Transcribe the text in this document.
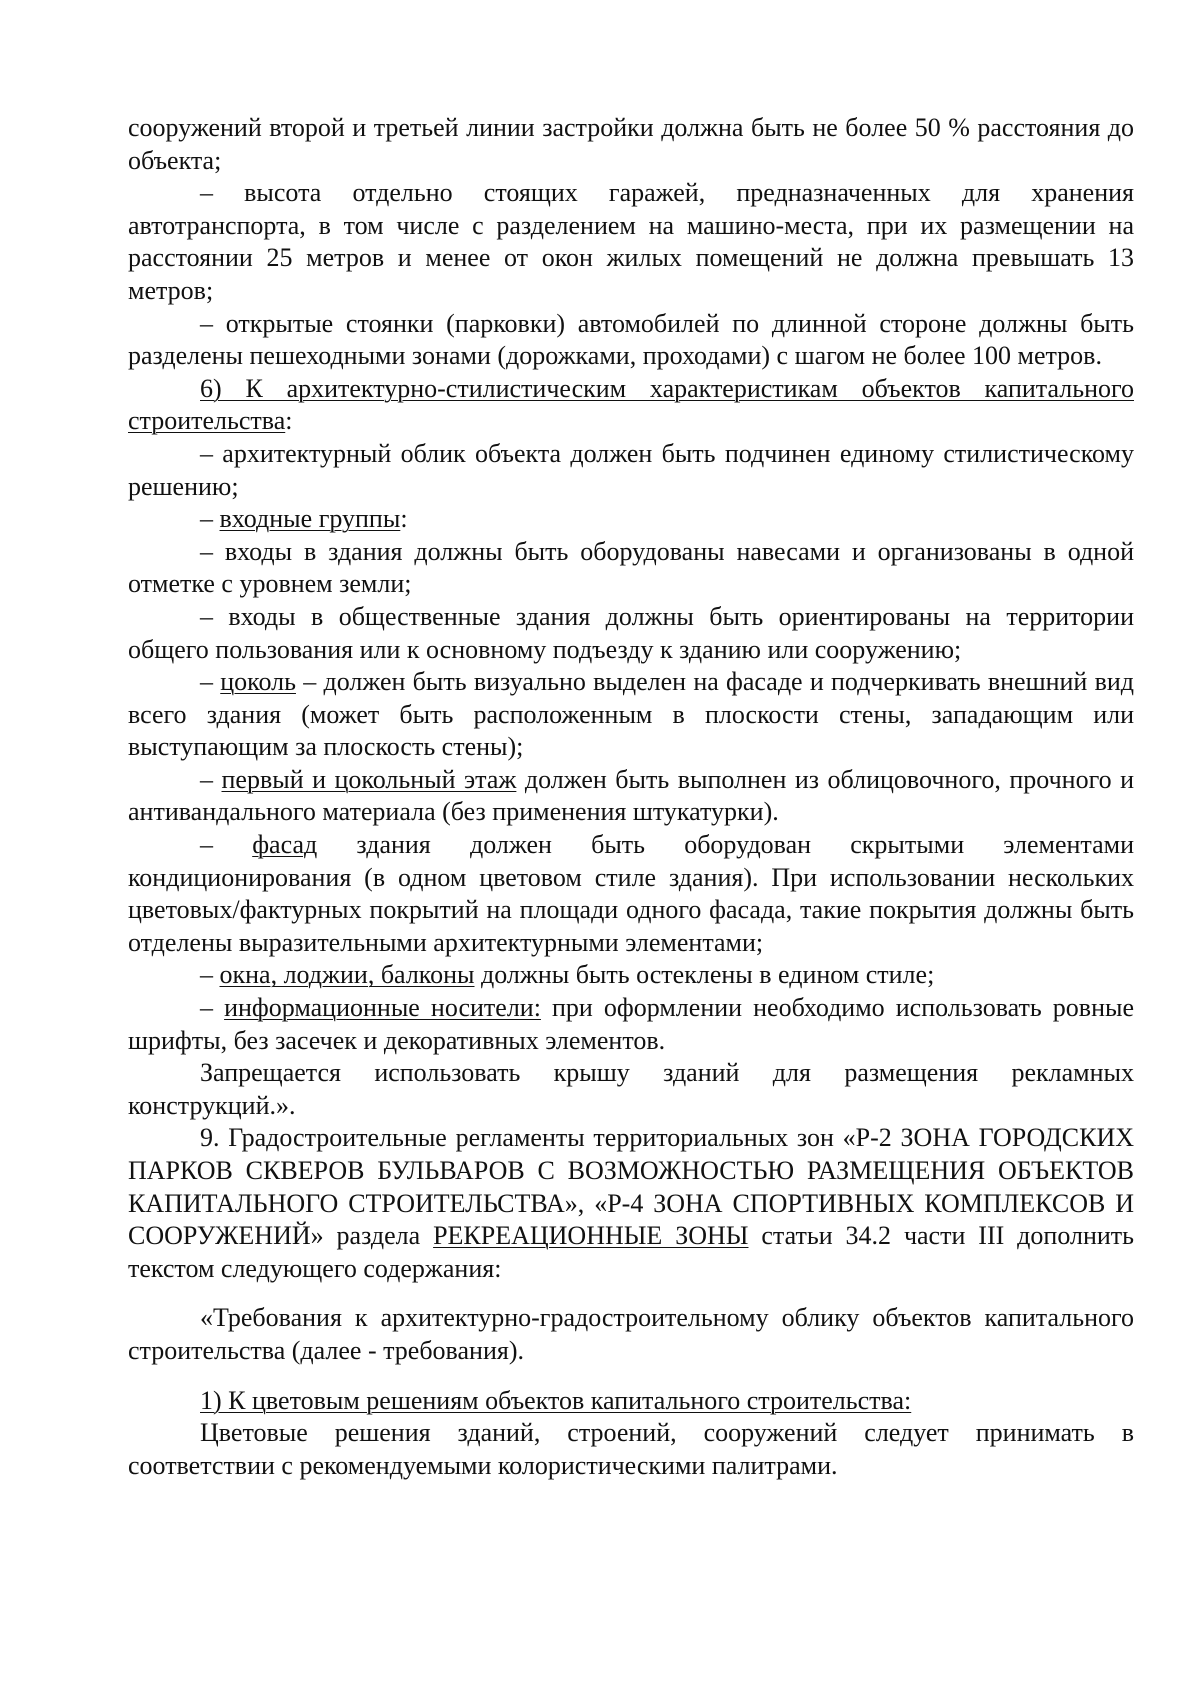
сооружений второй и третьей линии застройки должна быть не более 50 % расстояния до объекта;

– высота отдельно стоящих гаражей, предназначенных для хранения автотранспорта, в том числе с разделением на машино-места, при их размещении на расстоянии 25 метров и менее от окон жилых помещений не должна превышать 13 метров;

– открытые стоянки (парковки) автомобилей по длинной стороне должны быть разделены пешеходными зонами (дорожками, проходами) с шагом не более 100 метров.

6) К архитектурно-стилистическим характеристикам объектов капитального строительства:

– архитектурный облик объекта должен быть подчинен единому стилистическому решению;

– входные группы:

– входы в здания должны быть оборудованы навесами и организованы в одной отметке с уровнем земли;

– входы в общественные здания должны быть ориентированы на территории общего пользования или к основному подъезду к зданию или сооружению;

– цоколь – должен быть визуально выделен на фасаде и подчеркивать внешний вид всего здания (может быть расположенным в плоскости стены, западающим или выступающим за плоскость стены);

– первый и цокольный этаж должен быть выполнен из облицовочного, прочного и антивандального материала (без применения штукатурки).

– фасад здания должен быть оборудован скрытыми элементами кондиционирования (в одном цветовом стиле здания). При использовании нескольких цветовых/фактурных покрытий на площади одного фасада, такие покрытия должны быть отделены выразительными архитектурными элементами;

– окна, лоджии, балконы должны быть остеклены в едином стиле;

– информационные носители: при оформлении необходимо использовать ровные шрифты, без засечек и декоративных элементов.

Запрещается использовать крышу зданий для размещения рекламных конструкций.».

9. Градостроительные регламенты территориальных зон «Р-2 ЗОНА ГОРОДСКИХ ПАРКОВ СКВЕРОВ БУЛЬВАРОВ С ВОЗМОЖНОСТЬЮ РАЗМЕЩЕНИЯ ОБЪЕКТОВ КАПИТАЛЬНОГО СТРОИТЕЛЬСТВА», «Р-4 ЗОНА СПОРТИВНЫХ КОМПЛЕКСОВ И СООРУЖЕНИЙ» раздела РЕКРЕАЦИОННЫЕ ЗОНЫ статьи 34.2 части III дополнить текстом следующего содержания:

«Требования к архитектурно-градостроительному облику объектов капитального строительства (далее - требования).

1) К цветовым решениям объектов капитального строительства:

Цветовые решения зданий, строений, сооружений следует принимать в соответствии с рекомендуемыми колористическими палитрами.
